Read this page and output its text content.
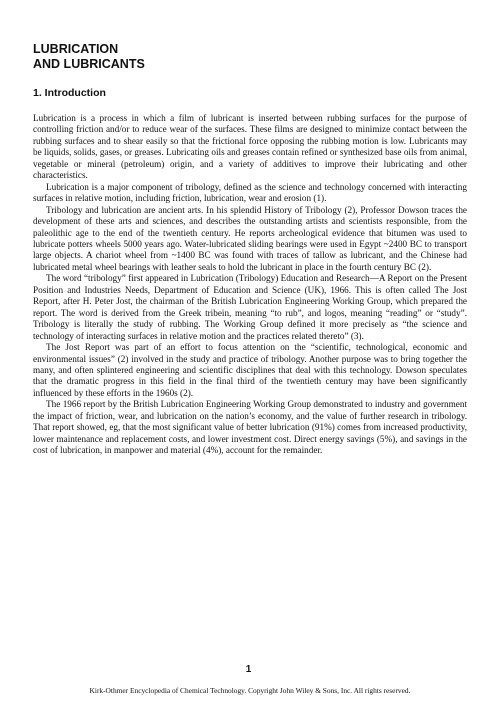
LUBRICATION
AND LUBRICANTS
1. Introduction

Lubrication is a process in which a film of lubricant is inserted between rubbing surfaces for the purpose of controlling friction and/or to reduce wear of the surfaces. These films are designed to minimize contact between the rubbing surfaces and to shear easily so that the frictional force opposing the rubbing motion is low. Lubricants may be liquids, solids, gases, or greases. Lubricating oils and greases contain refined or synthesized base oils from animal, vegetable or mineral (petroleum) origin, and a variety of additives to improve their lubricating and other characteristics.

Lubrication is a major component of tribology, defined as the science and technology concerned with interacting surfaces in relative motion, including friction, lubrication, wear and erosion (1).

Tribology and lubrication are ancient arts. In his splendid History of Tribology (2), Professor Dowson traces the development of these arts and sciences, and describes the outstanding artists and scientists responsible, from the paleolithic age to the end of the twentieth century. He reports archeological evidence that bitumen was used to lubricate potters wheels 5000 years ago. Water-lubricated sliding bearings were used in Egypt ~2400 BC to transport large objects. A chariot wheel from ~1400 BC was found with traces of tallow as lubricant, and the Chinese had lubricated metal wheel bearings with leather seals to hold the lubricant in place in the fourth century BC (2).

The word “tribology” first appeared in Lubrication (Tribology) Education and Research—A Report on the Present Position and Industries Needs, Department of Education and Science (UK), 1966. This is often called The Jost Report, after H. Peter Jost, the chairman of the British Lubrication Engineering Working Group, which prepared the report. The word is derived from the Greek tribein, meaning “to rub”, and logos, meaning “reading” or “study”. Tribology is literally the study of rubbing. The Working Group defined it more precisely as “the science and technology of interacting surfaces in relative motion and the practices related thereto” (3).

The Jost Report was part of an effort to focus attention on the “scientific, technological, economic and environmental issues” (2) involved in the study and practice of tribology. Another purpose was to bring together the many, and often splintered engineering and scientific disciplines that deal with this technology. Dowson speculates that the dramatic progress in this field in the final third of the twentieth century may have been significantly influenced by these efforts in the 1960s (2).

The 1966 report by the British Lubrication Engineering Working Group demonstrated to industry and government the impact of friction, wear, and lubrication on the nation’s economy, and the value of further research in tribology. That report showed, eg, that the most significant value of better lubrication (91%) comes from increased productivity, lower maintenance and replacement costs, and lower investment cost. Direct energy savings (5%), and savings in the cost of lubrication, in manpower and material (4%), account for the remainder.

1
Kirk-Othmer Encyclopedia of Chemical Technology. Copyright John Wiley & Sons, Inc. All rights reserved.
